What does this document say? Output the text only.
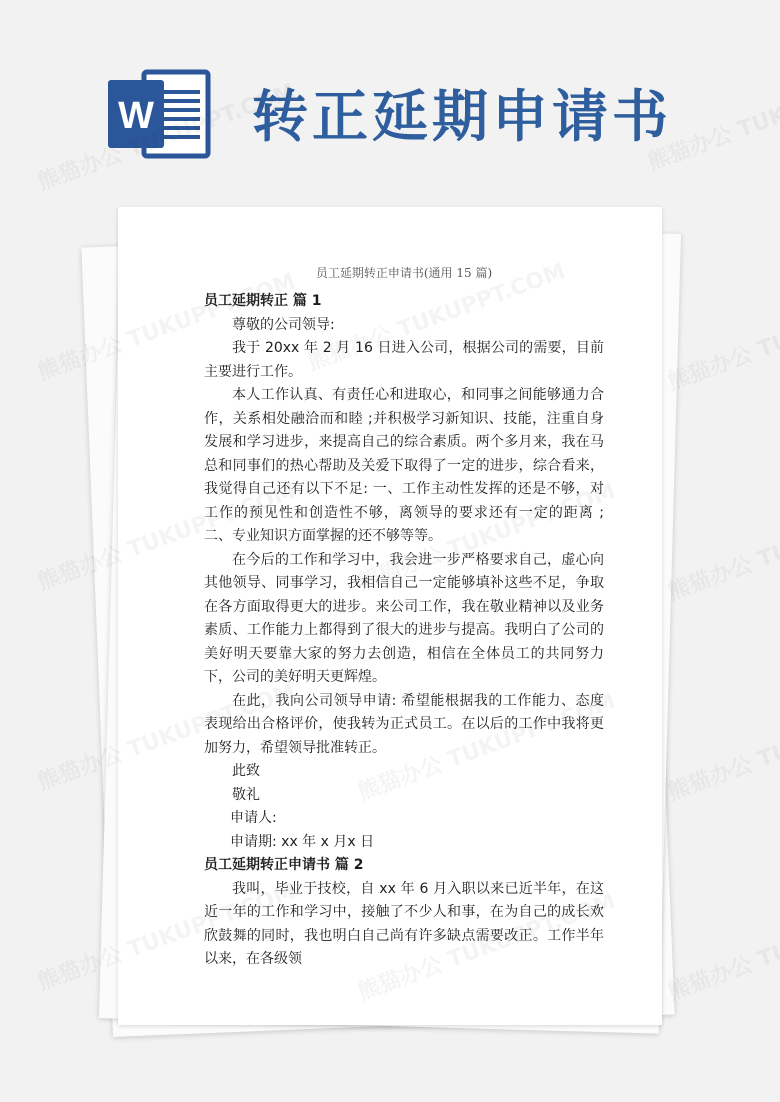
W 转正延期申请书
员工延期转正申请书(通用 15 篇)

员工延期转正 篇 1

尊敬的公司领导:

我于 20xx 年 2 月 16 日进入公司，根据公司的需要，目前主要进行工作。

本人工作认真、有责任心和进取心，和同事之间能够通力合作，关系相处融洽而和睦 ;并积极学习新知识、技能，注重自身发展和学习进步，来提高自己的综合素质。两个多月来，我在马总和同事们的热心帮助及关爱下取得了一定的进步，综合看来，我觉得自己还有以下不足: 一、工作主动性发挥的还是不够，对工作的预见性和创造性不够，离领导的要求还有一定的距离 ;二、专业知识方面掌握的还不够等等。

在今后的工作和学习中，我会进一步严格要求自己，虚心向其他领导、同事学习，我相信自己一定能够填补这些不足，争取在各方面取得更大的进步。来公司工作，我在敬业精神以及业务素质、工作能力上都得到了很大的进步与提高。我明白了公司的美好明天要靠大家的努力去创造，相信在全体员工的共同努力下，公司的美好明天更辉煌。

在此，我向公司领导申请: 希望能根据我的工作能力、态度表现给出合格评价，使我转为正式员工。在以后的工作中我将更加努力，希望领导批准转正。

此致

敬礼

申请人:

申请期: xx 年 x 月x 日

员工延期转正申请书 篇 2

我叫，毕业于技校，自 xx 年 6 月入职以来已近半年，在这近一年的工作和学习中，接触了不少人和事，在为自己的成长欢欣鼓舞的同时，我也明白自己尚有许多缺点需要改正。工作半年以来，在各级领
